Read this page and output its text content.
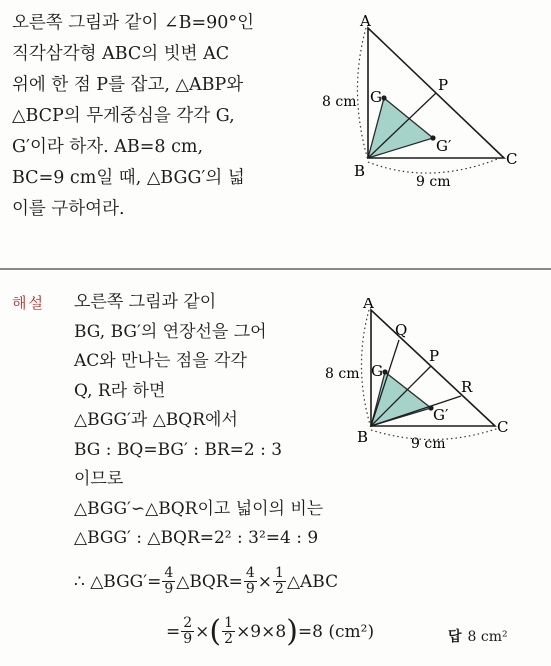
오른쪽 그림과 같이 ∠B=90°인
직각삼각형 ABC의 빗변 AC
위에 한 점 P를 잡고, △ABP와
△BCP의 무게중심을 각각 G,
G′이라 하자. AB=8 cm,
BC=9 cm일 때, △BGG′의 넓
이를 구하여라.
A
B
C
P
G
G′
8 cm
9 cm
해설 오른쪽 그림과 같이
BG, BG′의 연장선을 그어
AC와 만나는 점을 각각
Q, R라 하면
△BGG′과 △BQR에서
BG : BQ=BG′ : BR=2 : 3
이므로
△BGG′∽△BQR이고 넓이의 비는
△BGG′ : △BQR=2² : 3²=4 : 9
A
B
C
Q
P
R
G
G′
8 cm
9 cm
∴ △BGG′= $\frac{4}{9}$ △BQR= $\frac{4}{9} \times \frac{1}{2}$ △ABC
= $\frac{2}{9}$ × ( $\frac{1}{2} \times 9\times 8$ ) =8 (cm²)	답 8 cm²
